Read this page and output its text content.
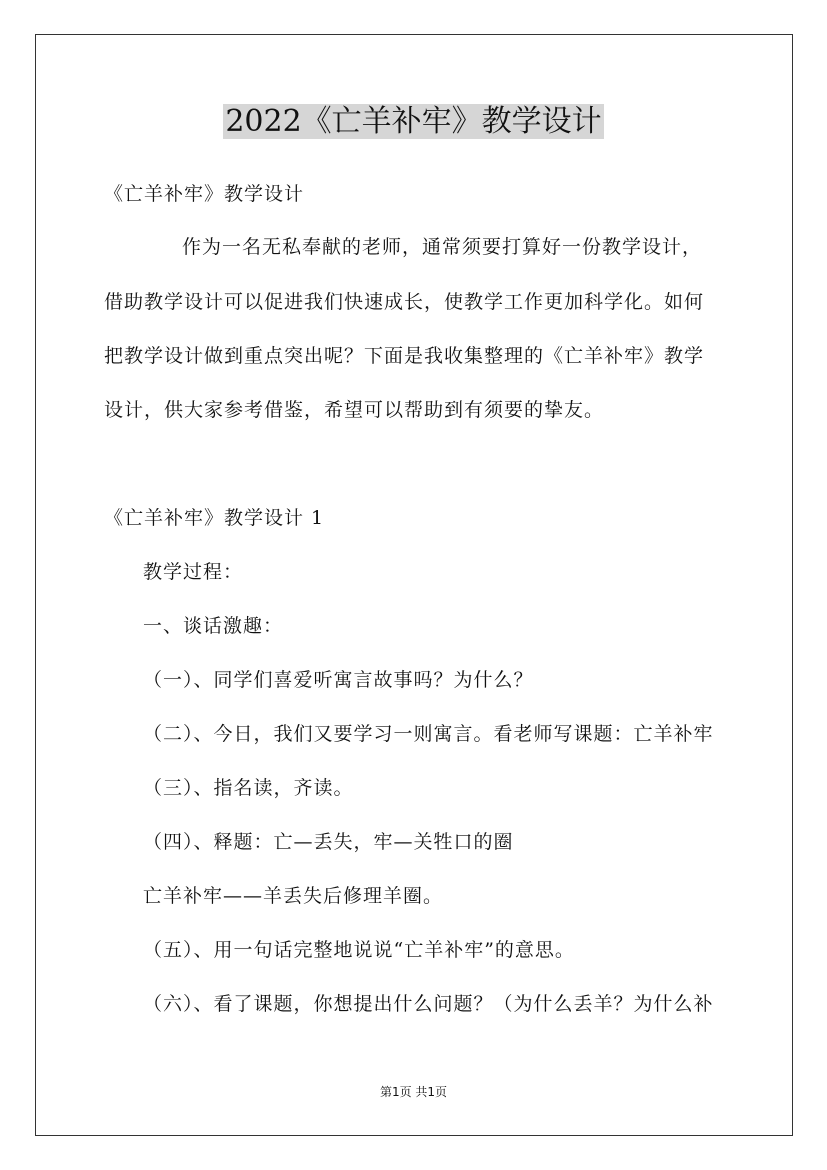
2022《亡羊补牢》教学设计
《亡羊补牢》教学设计
作为一名无私奉献的老师，通常须要打算好一份教学设计，
借助教学设计可以促进我们快速成长，使教学工作更加科学化。如何
把教学设计做到重点突出呢？下面是我收集整理的《亡羊补牢》教学
设计，供大家参考借鉴，希望可以帮助到有须要的挚友。
《亡羊补牢》教学设计 1
教学过程：
一、谈话激趣：
（一）、同学们喜爱听寓言故事吗？为什么？
（二）、今日，我们又要学习一则寓言。看老师写课题：亡羊补牢
（三）、指名读，齐读。
（四）、释题：亡—丢失，牢—关牲口的圈
亡羊补牢——羊丢失后修理羊圈。
（五）、用一句话完整地说说“亡羊补牢”的意思。
（六）、看了课题，你想提出什么问题？（为什么丢羊？为什么补
第1页 共1页
